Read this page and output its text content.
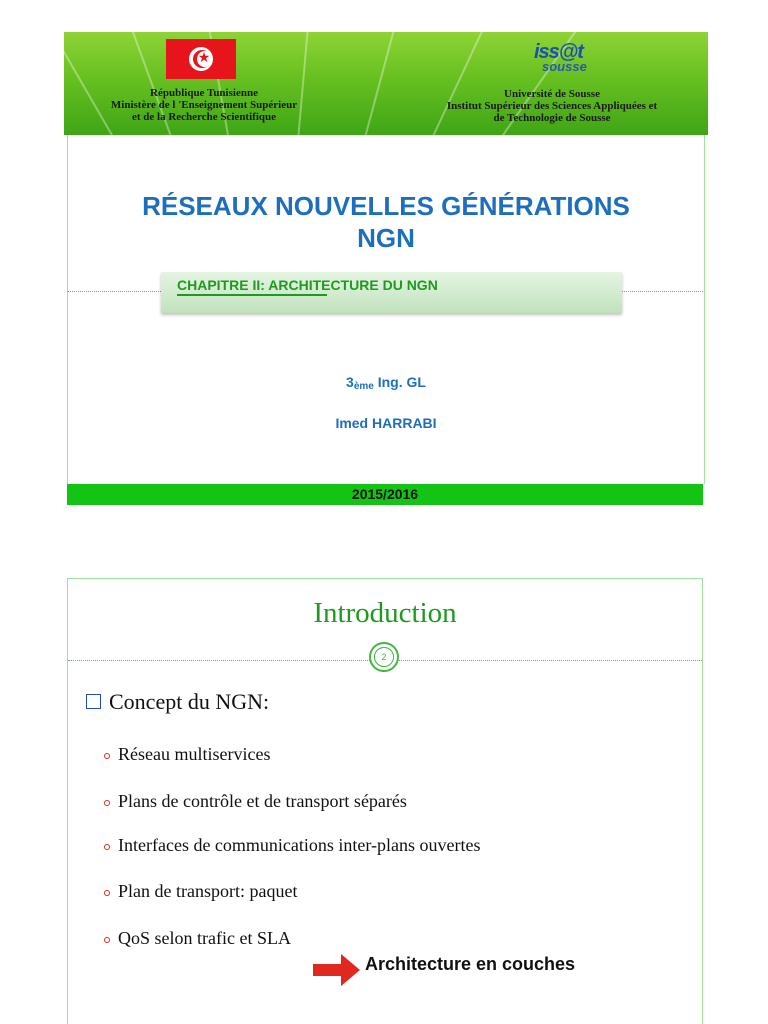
★
République Tunisienne
Ministère de l 'Enseignement Supérieur
et de la Recherche Scientifique
iss@t
sousse
Université de Sousse
Institut Supérieur des Sciences Appliquées et
de Technologie de Sousse
RÉSEAUX NOUVELLES GÉNÉRATIONS
NGN
CHAPITRE II: ARCHITECTURE DU NGN
3ème Ing. GL
Imed HARRABI
2015/2016
Introduction
2
Concept du NGN:
Réseau multiservices
Plans de contrôle et de transport séparés
Interfaces de communications inter-plans ouvertes
Plan de transport: paquet
QoS selon trafic et SLA
Architecture en couches
